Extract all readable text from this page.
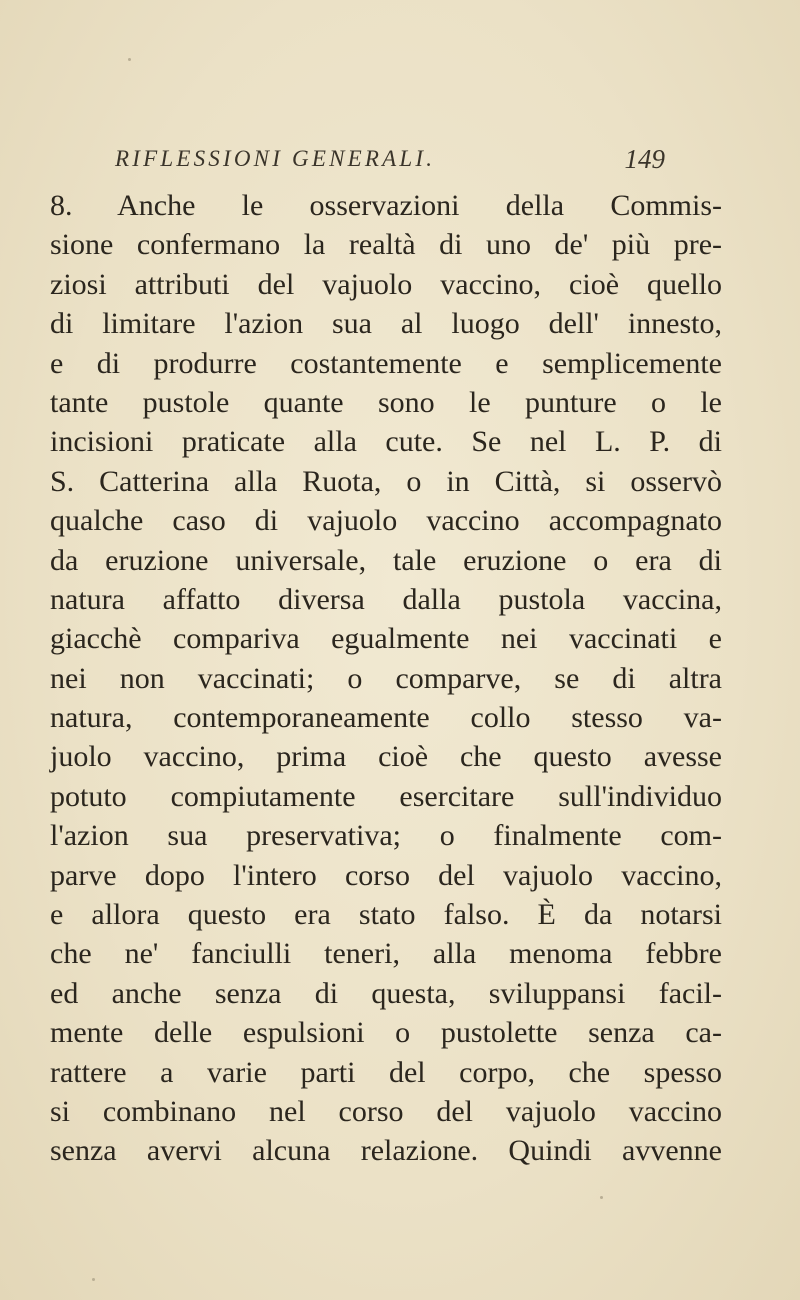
RIFLESSIONI GENERALI.	149
8. Anche le osservazioni della Commis-
sione confermano la realtà di uno de' più pre-
ziosi attributi del vajuolo vaccino, cioè quello
di limitare l'azion sua al luogo dell' innesto,
e di produrre costantemente e semplicemente
tante pustole quante sono le punture o le
incisioni praticate alla cute. Se nel L. P. di
S. Catterina alla Ruota, o in Città, si osservò
qualche caso di vajuolo vaccino accompagnato
da eruzione universale, tale eruzione o era di
natura affatto diversa dalla pustola vaccina,
giacchè compariva egualmente nei vaccinati e
nei non vaccinati; o comparve, se di altra
natura, contemporaneamente collo stesso va-
juolo vaccino, prima cioè che questo avesse
potuto compiutamente esercitare sull'individuo
l'azion sua preservativa; o finalmente com-
parve dopo l'intero corso del vajuolo vaccino,
e allora questo era stato falso. È da notarsi
che ne' fanciulli teneri, alla menoma febbre
ed anche senza di questa, sviluppansi facil-
mente delle espulsioni o pustolette senza ca-
rattere a varie parti del corpo, che spesso
si combinano nel corso del vajuolo vaccino
senza avervi alcuna relazione. Quindi avvenne
